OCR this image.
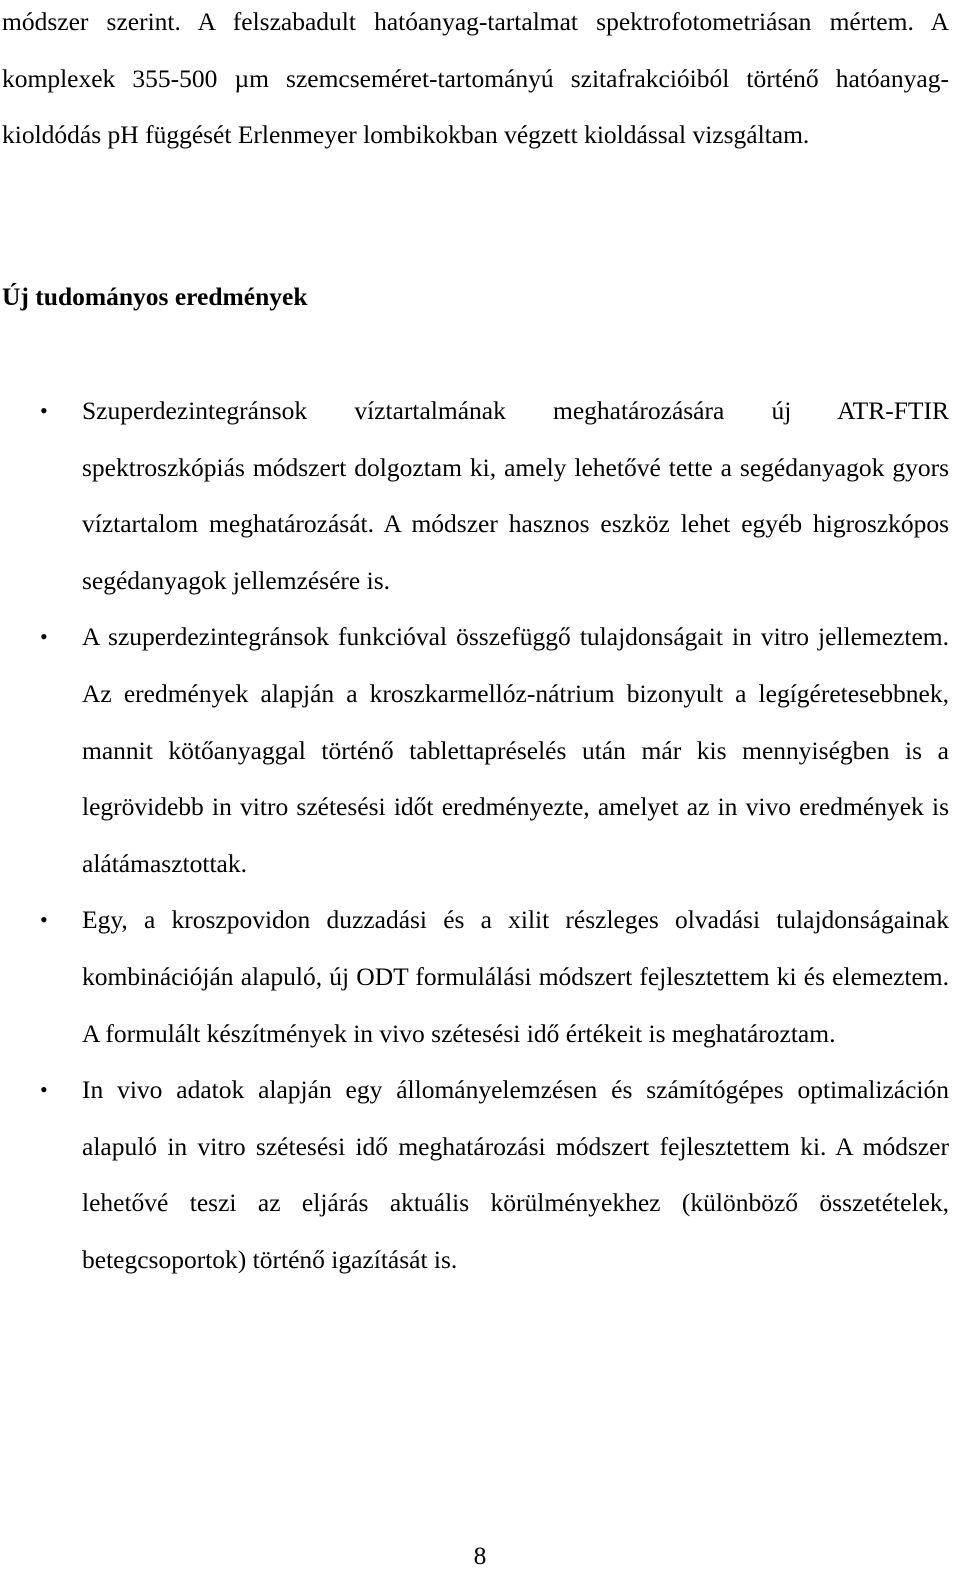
módszer szerint. A felszabadult hatóanyag-tartalmat spektrofotometriásan mértem. A komplexek 355-500 µm szemcseméret-tartományú szitafrakcióiból történő hatóanyag-kioldódás pH függését Erlenmeyer lombikokban végzett kioldással vizsgáltam.

Új tudományos eredmények
• Szuperdezintegránsok víztartalmának meghatározására új ATR-FTIR spektroszkópiás módszert dolgoztam ki, amely lehetővé tette a segédanyagok gyors víztartalom meghatározását. A módszer hasznos eszköz lehet egyéb higroszkópos segédanyagok jellemzésére is.
• A szuperdezintegránsok funkcióval összefüggő tulajdonságait in vitro jellemeztem. Az eredmények alapján a kroszkarmellóz-nátrium bizonyult a legígéretesebbnek, mannit kötőanyaggal történő tablettapréselés után már kis mennyiségben is a legrövidebb in vitro szétesési időt eredményezte, amelyet az in vivo eredmények is alátámasztottak.
• Egy, a kroszpovidon duzzadási és a xilit részleges olvadási tulajdonságainak kombinációján alapuló, új ODT formulálási módszert fejlesztettem ki és elemeztem. A formulált készítmények in vivo szétesési idő értékeit is meghatároztam.
• In vivo adatok alapján egy állományelemzésen és számítógépes optimalizáción alapuló in vitro szétesési idő meghatározási módszert fejlesztettem ki. A módszer lehetővé teszi az eljárás aktuális körülményekhez (különböző összetételek, betegcsoportok) történő igazítását is.

8
